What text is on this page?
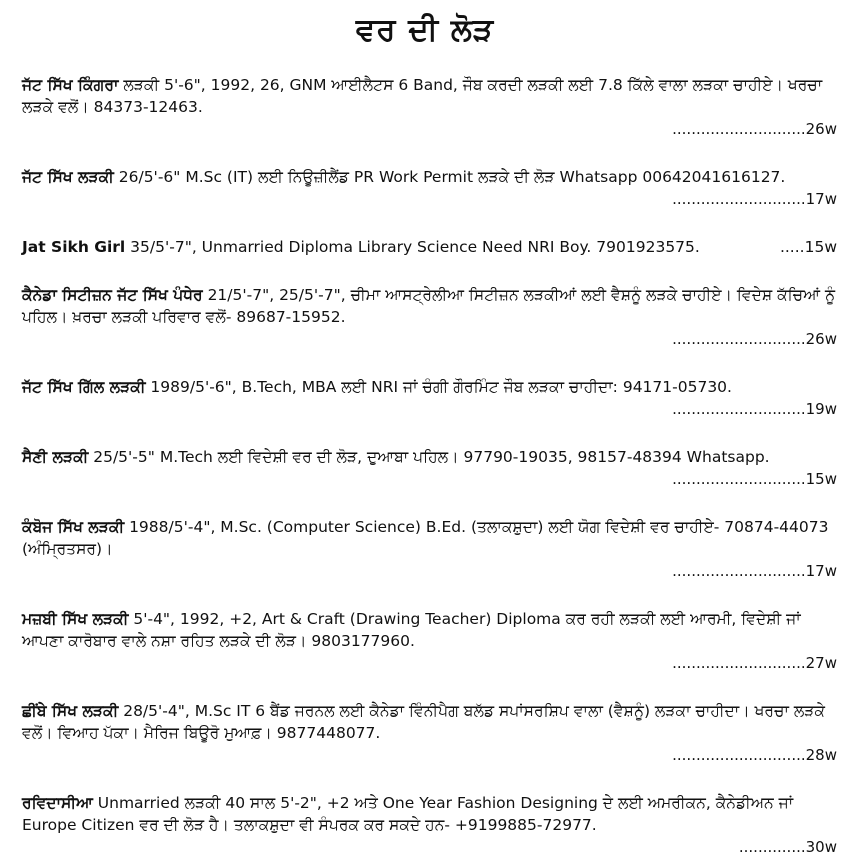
ਵਰ ਦੀ ਲੋੜ
ਜੱਟ ਸਿੱਖ ਕਿੰਗਰਾ ਲੜਕੀ 5'-6", 1992, 26, GNM ਆਈਲੈਟਸ 6 Band, ਜੌਬ ਕਰਦੀ ਲੜਕੀ ਲਈ 7.8 ਕਿੱਲੇ ਵਾਲਾ ਲੜਕਾ ਚਾਹੀਏ। ਖਰਚਾ ਲੜਕੇ ਵਲੋਂ। 84373-12463.
............................26w
ਜੱਟ ਸਿੱਖ ਲੜਕੀ 26/5'-6" M.Sc (IT) ਲਈ ਨਿਊਜ਼ੀਲੈਂਡ PR Work Permit ਲੜਕੇ ਦੀ ਲੋੜ Whatsapp 00642041616127.
............................17w
Jat Sikh Girl 35/5'-7", Unmarried Diploma Library Science Need NRI Boy. 7901923575.	.....15w
ਕੈਨੇਡਾ ਸਿਟੀਜ਼ਨ ਜੱਟ ਸਿੱਖ ਪੰਧੇਰ 21/5'-7", 25/5'-7", ਚੀਮਾ ਆਸਟ੍ਰੇਲੀਆ ਸਿਟੀਜ਼ਨ ਲੜਕੀਆਂ ਲਈ ਵੈਸ਼ਨੂੰ ਲੜਕੇ ਚਾਹੀਏ। ਵਿਦੇਸ਼ ਕੱਚਿਆਂ ਨੂੰ ਪਹਿਲ। ਖ਼ਰਚਾ ਲੜਕੀ ਪਰਿਵਾਰ ਵਲੋਂ- 89687-15952.
............................26w
ਜੱਟ ਸਿੱਖ ਗਿੱਲ ਲੜਕੀ 1989/5'-6", B.Tech, MBA ਲਈ NRI ਜਾਂ ਚੰਗੀ ਗੌਰਮਿੰਟ ਜੌਬ ਲੜਕਾ ਚਾਹੀਦਾ: 94171-05730.
............................19w
ਸੈਣੀ ਲੜਕੀ 25/5'-5" M.Tech ਲਈ ਵਿਦੇਸ਼ੀ ਵਰ ਦੀ ਲੋੜ, ਦੁਆਬਾ ਪਹਿਲ। 97790-19035, 98157-48394 Whatsapp.
............................15w
ਕੰਬੋਜ ਸਿੱਖ ਲੜਕੀ 1988/5'-4", M.Sc. (Computer Science) B.Ed. (ਤਲਾਕਸ਼ੁਦਾ) ਲਈ ਯੋਗ ਵਿਦੇਸ਼ੀ ਵਰ ਚਾਹੀਏ- 70874-44073 (ਅੰਮ੍ਰਿਤਸਰ)।
............................17w
ਮਜ਼ਬੀ ਸਿੱਖ ਲੜਕੀ 5'-4", 1992, +2, Art & Craft (Drawing Teacher) Diploma ਕਰ ਰਹੀ ਲੜਕੀ ਲਈ ਆਰਮੀ, ਵਿਦੇਸ਼ੀ ਜਾਂ ਆਪਣਾ ਕਾਰੋਬਾਰ ਵਾਲੇ ਨਸ਼ਾ ਰਹਿਤ ਲੜਕੇ ਦੀ ਲੋੜ। 9803177960.
............................27w
ਛੀਂਬੇ ਸਿੱਖ ਲੜਕੀ 28/5'-4", M.Sc IT 6 ਬੈਂਡ ਜਰਨਲ ਲਈ ਕੈਨੇਡਾ ਵਿੰਨੀਪੈਗ ਬਲੱਡ ਸਪਾਂਸਰਸ਼ਿਪ ਵਾਲਾ (ਵੈਸ਼ਨੂੰ) ਲੜਕਾ ਚਾਹੀਦਾ। ਖਰਚਾ ਲੜਕੇ ਵਲੋਂ। ਵਿਆਹ ਪੱਕਾ। ਮੈਰਿਜ ਬਿਊਰੋ ਮੁਆਫ਼। 9877448077.
............................28w
ਰਵਿਦਾਸੀਆ Unmarried ਲੜਕੀ 40 ਸਾਲ 5'-2", +2 ਅਤੇ One Year Fashion Designing ਦੇ ਲਈ ਅਮਰੀਕਨ, ਕੈਨੇਡੀਅਨ ਜਾਂ Europe Citizen ਵਰ ਦੀ ਲੋੜ ਹੈ। ਤਲਾਕਸ਼ੁਦਾ ਵੀ ਸੰਪਰਕ ਕਰ ਸਕਦੇ ਹਨ- +9199885-72977.
..............30w
